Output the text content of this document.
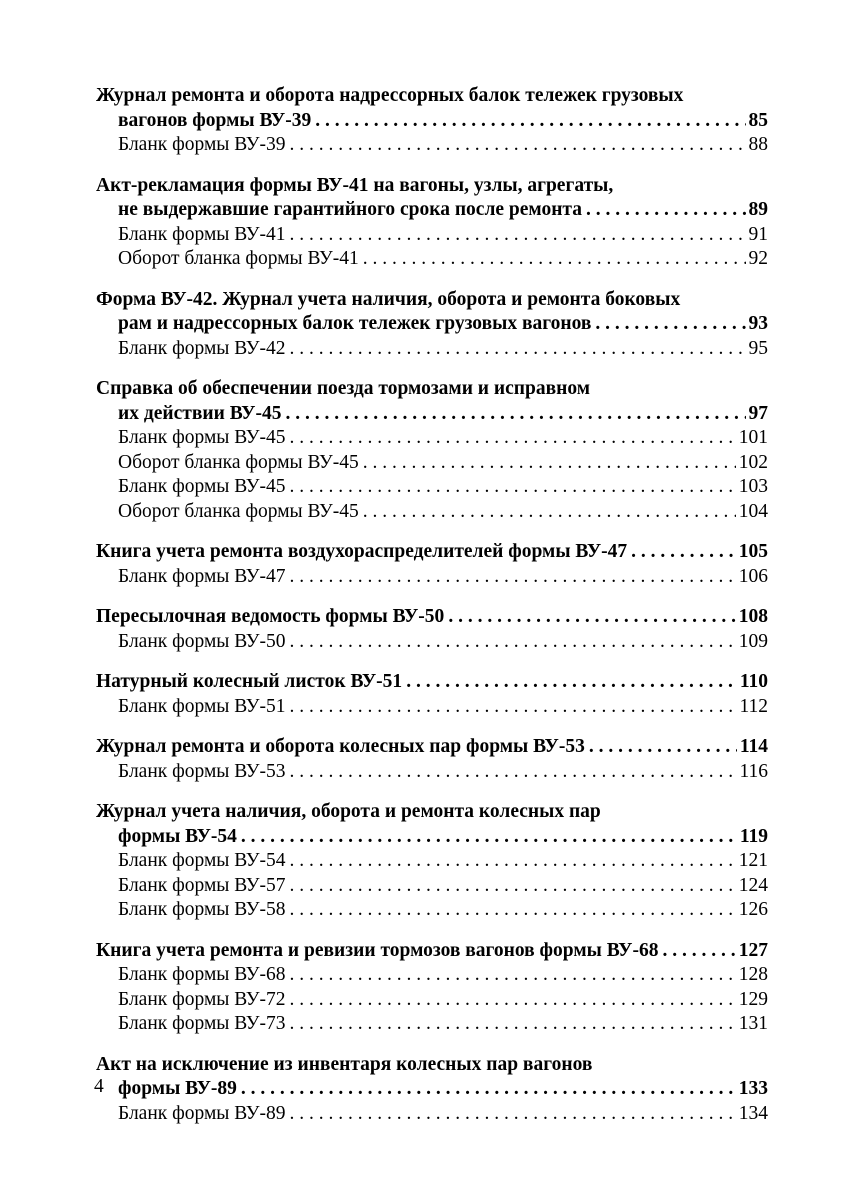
Журнал ремонта и оборота надрессорных балок тележек грузовых
вагонов формы ВУ-39 . . .	85
Бланк формы ВУ-39 . . .	88
Акт-рекламация формы ВУ-41 на вагоны, узлы, агрегаты,
не выдержавшие гарантийного срока после ремонта . . .	89
Бланк формы ВУ-41 . . .	91
Оборот бланка формы ВУ-41 . . .	92
Форма ВУ-42. Журнал учета наличия, оборота и ремонта боковых
рам и надрессорных балок тележек грузовых вагонов . . .	93
Бланк формы ВУ-42 . . .	95
Справка об обеспечении поезда тормозами и исправном
их действии ВУ-45 . . .	97
Бланк формы ВУ-45 . . .	101
Оборот бланка формы ВУ-45 . . .	102
Бланк формы ВУ-45 . . .	103
Оборот бланка формы ВУ-45 . . .	104
Книга учета ремонта воздухораспределителей формы ВУ-47 . . .	105
Бланк формы ВУ-47 . . .	106
Пересылочная ведомость формы ВУ-50 . . .	108
Бланк формы ВУ-50 . . .	109
Натурный колесный листок ВУ-51 . . .	110
Бланк формы ВУ-51 . . .	112
Журнал ремонта и оборота колесных пар формы ВУ-53 . . .	114
Бланк формы ВУ-53 . . .	116
Журнал учета наличия, оборота и ремонта колесных пар
формы ВУ-54 . . .	119
Бланк формы ВУ-54 . . .	121
Бланк формы ВУ-57 . . .	124
Бланк формы ВУ-58 . . .	126
Книга учета ремонта и ревизии тормозов вагонов формы ВУ-68 . . .	127
Бланк формы ВУ-68 . . .	128
Бланк формы ВУ-72 . . .	129
Бланк формы ВУ-73 . . .	131
Акт на исключение из инвентаря колесных пар вагонов
формы ВУ-89 . . .	133
Бланк формы ВУ-89 . . .	134
4
